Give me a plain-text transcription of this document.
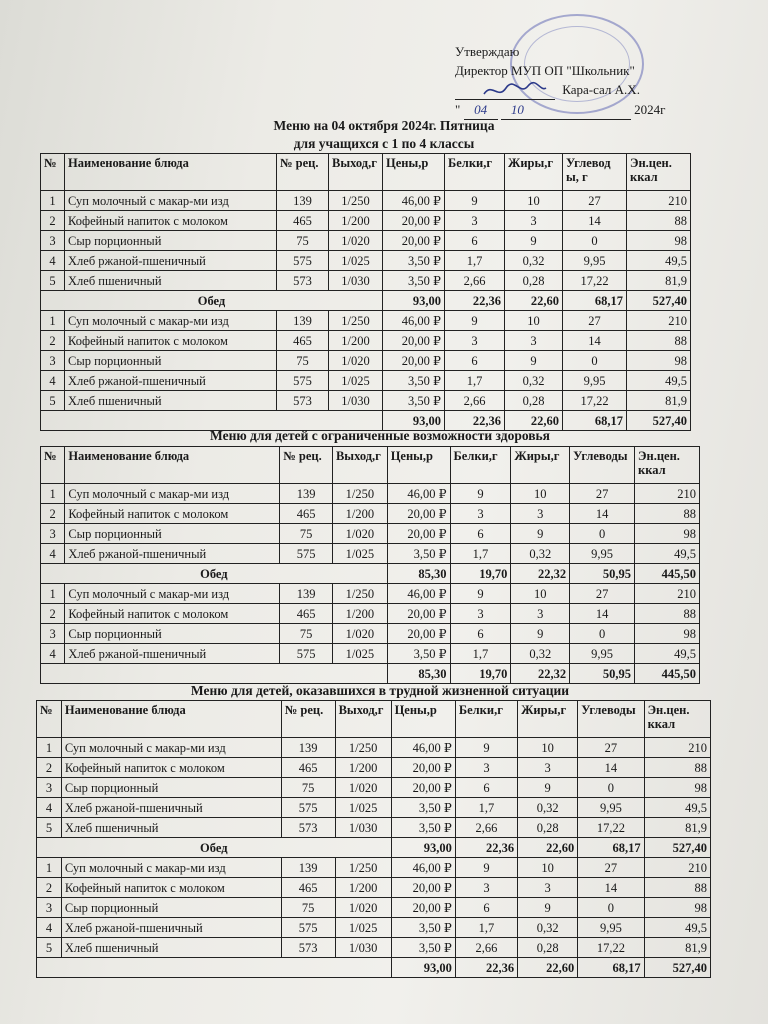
Утверждаю
Директор МУП ОП "Школьник"
Кара-сал А.Х.
" 04 10	2024г
Меню на 04 октября 2024г. Пятница
для учащихся с 1 по 4 классы
№	Наименование блюда	№ рец.	Выход,г	Цены,р	Белки,г	Жиры,г	Углевод ы, г	Эн.цен. ккал
1	Суп молочный с макар-ми изд	139	1/250	46,00 ₽	9	10	27	210
2	Кофейный напиток с молоком	465	1/200	20,00 ₽	3	3	14	88
3	Сыр порционный	75	1/020	20,00 ₽	6	9	0	98
4	Хлеб ржаной-пшеничный	575	1/025	3,50 ₽	1,7	0,32	9,95	49,5
5	Хлеб пшеничный	573	1/030	3,50 ₽	2,66	0,28	17,22	81,9
Обед				93,00	22,36	22,60	68,17	527,40
1	Суп молочный с макар-ми изд	139	1/250	46,00 ₽	9	10	27	210
2	Кофейный напиток с молоком	465	1/200	20,00 ₽	3	3	14	88
3	Сыр порционный	75	1/020	20,00 ₽	6	9	0	98
4	Хлеб ржаной-пшеничный	575	1/025	3,50 ₽	1,7	0,32	9,95	49,5
5	Хлеб пшеничный	573	1/030	3,50 ₽	2,66	0,28	17,22	81,9
				93,00	22,36	22,60	68,17	527,40
Меню для детей с ограниченные возможности здоровья
№	Наименование блюда	№ рец.	Выход,г	Цены,р	Белки,г	Жиры,г	Углеводы	Эн.цен. ккал
1	Суп молочный с макар-ми изд	139	1/250	46,00 ₽	9	10	27	210
2	Кофейный напиток с молоком	465	1/200	20,00 ₽	3	3	14	88
3	Сыр порционный	75	1/020	20,00 ₽	6	9	0	98
4	Хлеб ржаной-пшеничный	575	1/025	3,50 ₽	1,7	0,32	9,95	49,5
Обед				85,30	19,70	22,32	50,95	445,50
1	Суп молочный с макар-ми изд	139	1/250	46,00 ₽	9	10	27	210
2	Кофейный напиток с молоком	465	1/200	20,00 ₽	3	3	14	88
3	Сыр порционный	75	1/020	20,00 ₽	6	9	0	98
4	Хлеб ржаной-пшеничный	575	1/025	3,50 ₽	1,7	0,32	9,95	49,5
				85,30	19,70	22,32	50,95	445,50
Меню для детей, оказавшихся в трудной жизненной ситуации
№	Наименование блюда	№ рец.	Выход,г	Цены,р	Белки,г	Жиры,г	Углеводы	Эн.цен. ккал
1	Суп молочный с макар-ми изд	139	1/250	46,00 ₽	9	10	27	210
2	Кофейный напиток с молоком	465	1/200	20,00 ₽	3	3	14	88
3	Сыр порционный	75	1/020	20,00 ₽	6	9	0	98
4	Хлеб ржаной-пшеничный	575	1/025	3,50 ₽	1,7	0,32	9,95	49,5
5	Хлеб пшеничный	573	1/030	3,50 ₽	2,66	0,28	17,22	81,9
Обед				93,00	22,36	22,60	68,17	527,40
1	Суп молочный с макар-ми изд	139	1/250	46,00 ₽	9	10	27	210
2	Кофейный напиток с молоком	465	1/200	20,00 ₽	3	3	14	88
3	Сыр порционный	75	1/020	20,00 ₽	6	9	0	98
4	Хлеб ржаной-пшеничный	575	1/025	3,50 ₽	1,7	0,32	9,95	49,5
5	Хлеб пшеничный	573	1/030	3,50 ₽	2,66	0,28	17,22	81,9
				93,00	22,36	22,60	68,17	527,40
